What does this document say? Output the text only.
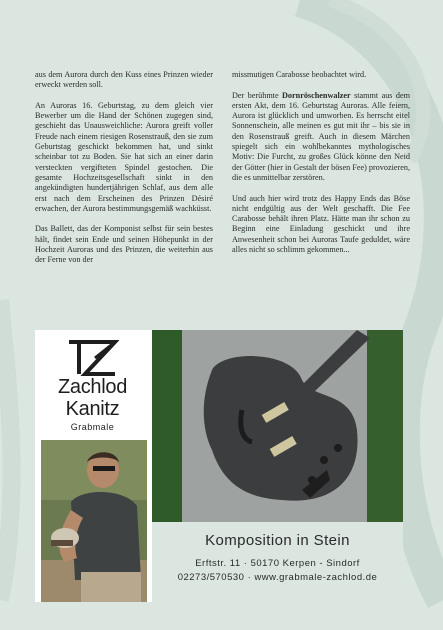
aus dem Aurora durch den Kuss eines Prinzen wieder erweckt werden soll.

An Auroras 16. Geburtstag, zu dem gleich vier Bewerber um die Hand der Schönen zugegen sind, geschieht das Unausweichliche: Aurora greift voller Freude nach einem riesigen Rosenstrauß, den sie zum Geburtstag geschickt bekommen hat, und sinkt scheinbar tot zu Boden. Sie hat sich an einer darin versteckten vergifteten Spindel gestochen. Die gesamte Hochzeitsgesellschaft sinkt in den angekündigten hundertjährigen Schlaf, aus dem alle erst nach dem Erscheinen des Prinzen Désiré erwachen, der Aurora bestimmungsgemäß wachküsst.

Das Ballett, das der Komponist selbst für sein bestes hält, findet sein Ende und seinen Höhepunkt in der Hochzeit Auroras und des Prinzen, die weiterhin aus der Ferne von der

missmutigen Carabosse beobachtet wird.

Der berühmte Dornröschenwalzer stammt aus dem ersten Akt, dem 16. Geburtstag Auroras. Alle feiern, Aurora ist glücklich und umworben. Es herrscht eitel Sonnenschein, alle meinen es gut mit ihr – bis sie in den Rosenstrauß greift. Auch in diesem Märchen spiegelt sich ein wohlbekanntes mythologisches Motiv: Die Furcht, zu großes Glück könne den Neid der Götter (hier in Gestalt der bösen Fee) provozieren, die es unmittelbar zerstören.

Und auch hier wird trotz des Happy Ends das Böse nicht endgültig aus der Welt geschafft. Die Fee Carabosse behält ihren Platz. Hätte man ihr schon zu Beginn eine Einladung geschickt und ihre Anwesenheit schon bei Auroras Taufe geduldet, wäre alles nicht so schlimm gekommen...

Zachlod
Kanitz
Grabmale
Komposition in Stein
Erftstr. 11 · 50170 Kerpen - Sindorf
02273/570530 · www.grabmale-zachlod.de
